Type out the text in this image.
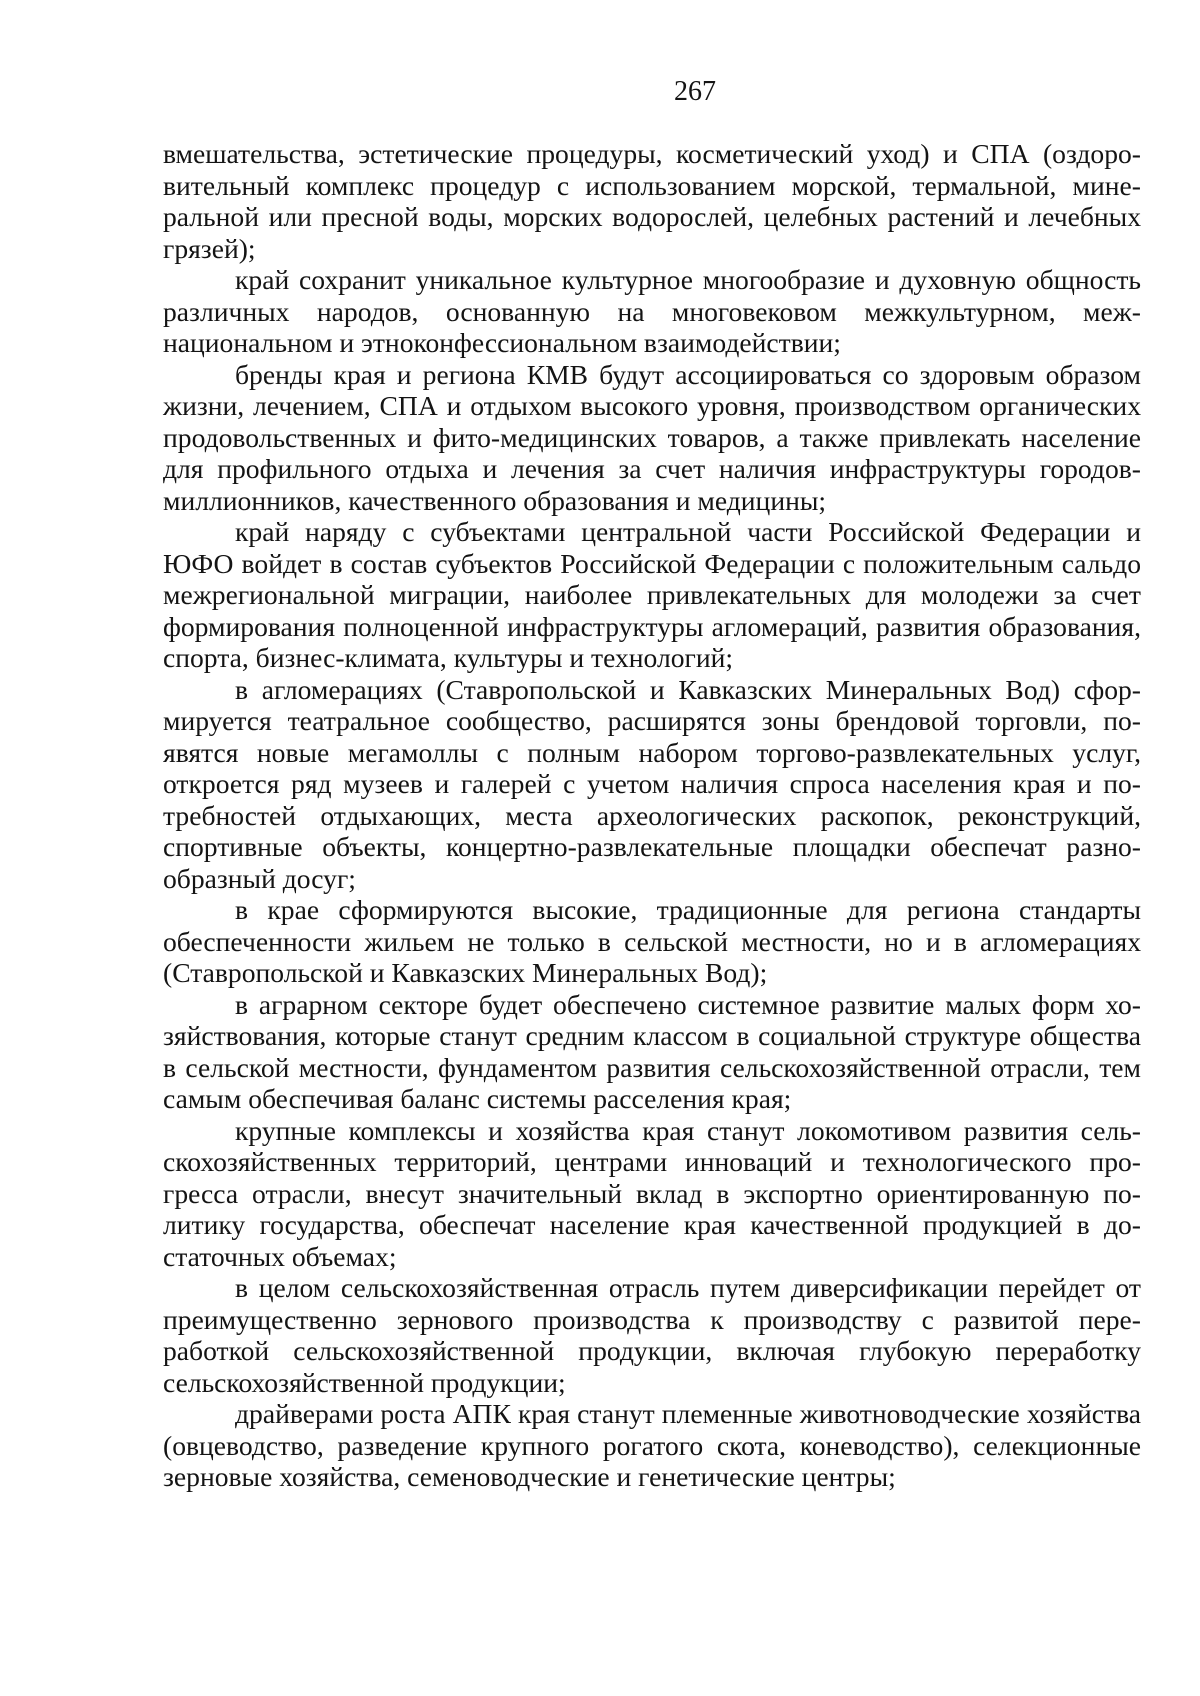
267

вмешательства, эстетические процедуры, косметический уход) и СПА (оздоровительный комплекс процедур с использованием морской, термальной, минеральной или пресной воды, морских водорослей, целебных растений и лечебных грязей);

край сохранит уникальное культурное многообразие и духовную общность различных народов, основанную на многовековом межкультурном, межнациональном и этноконфессиональном взаимодействии;

бренды края и региона КМВ будут ассоциироваться со здоровым образом жизни, лечением, СПА и отдыхом высокого уровня, производством органических продовольственных и фито-медицинских товаров, а также привлекать население для профильного отдыха и лечения за счет наличия инфраструктуры городов-миллионников, качественного образования и медицины;

край наряду с субъектами центральной части Российской Федерации и ЮФО войдет в состав субъектов Российской Федерации с положительным сальдо межрегиональной миграции, наиболее привлекательных для молодежи за счет формирования полноценной инфраструктуры агломераций, развития образования, спорта, бизнес-климата, культуры и технологий;

в агломерациях (Ставропольской и Кавказских Минеральных Вод) сформируется театральное сообщество, расширятся зоны брендовой торговли, появятся новые мегамоллы с полным набором торгово-развлекательных услуг, откроется ряд музеев и галерей с учетом наличия спроса населения края и потребностей отдыхающих, места археологических раскопок, реконструкций, спортивные объекты, концертно-развлекательные площадки обеспечат разнообразный досуг;

в крае сформируются высокие, традиционные для региона стандарты обеспеченности жильем не только в сельской местности, но и в агломерациях (Ставропольской и Кавказских Минеральных Вод);

в аграрном секторе будет обеспечено системное развитие малых форм хозяйствования, которые станут средним классом в социальной структуре общества в сельской местности, фундаментом развития сельскохозяйственной отрасли, тем самым обеспечивая баланс системы расселения края;

крупные комплексы и хозяйства края станут локомотивом развития сельскохозяйственных территорий, центрами инноваций и технологического прогресса отрасли, внесут значительный вклад в экспортно ориентированную политику государства, обеспечат население края качественной продукцией в достаточных объемах;

в целом сельскохозяйственная отрасль путем диверсификации перейдет от преимущественно зернового производства к производству с развитой переработкой сельскохозяйственной продукции, включая глубокую переработку сельскохозяйственной продукции;

драйверами роста АПК края станут племенные животноводческие хозяйства (овцеводство, разведение крупного рогатого скота, коневодство), селекционные зерновые хозяйства, семеноводческие и генетические центры;
